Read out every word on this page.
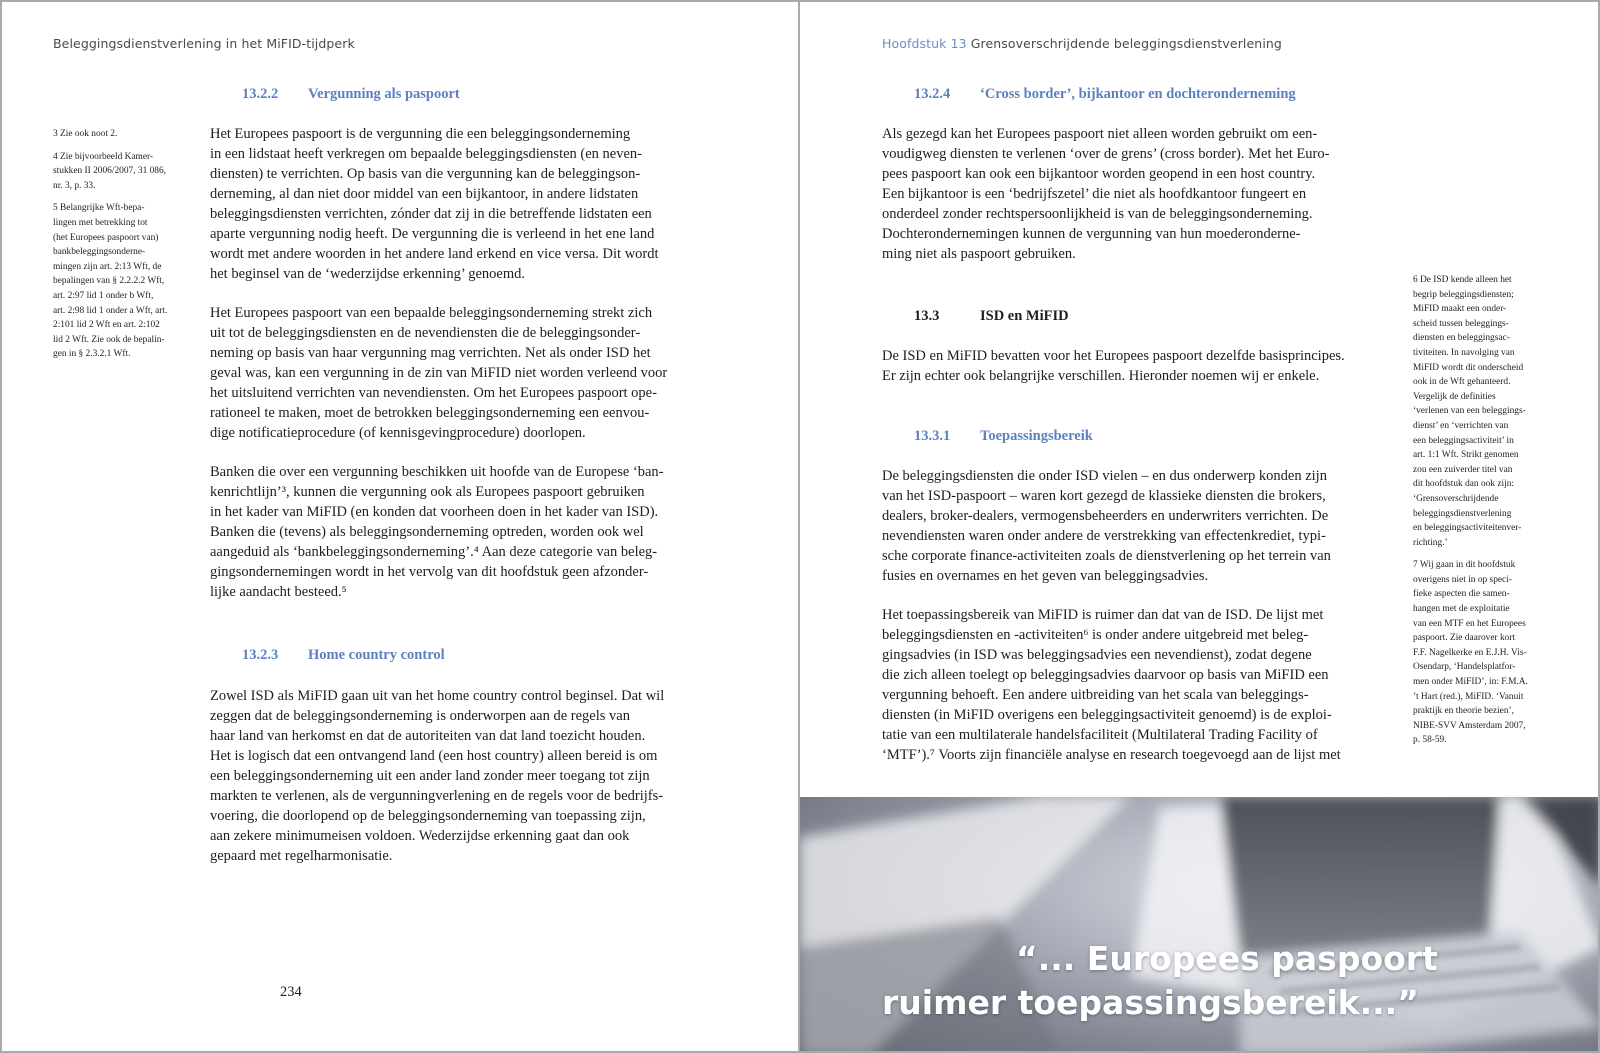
Beleggingsdienstverlening in het MiFID-tijdperk
3 Zie ook noot 2.
4 Zie bijvoorbeeld Kamer-
stukken II 2006/2007, 31 086,
nr. 3, p. 33.
5 Belangrijke Wft-bepa-
lingen met betrekking tot
(het Europees paspoort van)
bankbeleggingsonderne-
mingen zijn art. 2:13 Wft, de
bepalingen van § 2.2.2.2 Wft,
art. 2:97 lid 1 onder b Wft,
art. 2:98 lid 1 onder a Wft, art.
2:101 lid 2 Wft en art. 2:102
lid 2 Wft. Zie ook de bepalin-
gen in § 2.3.2.1 Wft.
13.2.2 Vergunning als paspoort
Het Europees paspoort is de vergunning die een beleggingsonderneming
in een lidstaat heeft verkregen om bepaalde beleggingsdiensten (en neven-
diensten) te verrichten. Op basis van die vergunning kan de beleggingson-
derneming, al dan niet door middel van een bijkantoor, in andere lidstaten
beleggingsdiensten verrichten, zónder dat zij in die betreffende lidstaten een
aparte vergunning nodig heeft. De vergunning die is verleend in het ene land
wordt met andere woorden in het andere land erkend en vice versa. Dit wordt
het beginsel van de ‘wederzijdse erkenning’ genoemd.
Het Europees paspoort van een bepaalde beleggingsonderneming strekt zich
uit tot de beleggingsdiensten en de nevendiensten die de beleggingsonder-
neming op basis van haar vergunning mag verrichten. Net als onder ISD het
geval was, kan een vergunning in de zin van MiFID niet worden verleend voor
het uitsluitend verrichten van nevendiensten. Om het Europees paspoort ope-
rationeel te maken, moet de betrokken beleggingsonderneming een eenvou-
dige notificatieprocedure (of kennisgevingprocedure) doorlopen.
Banken die over een vergunning beschikken uit hoofde van de Europese ‘ban-
kenrichtlijn’³, kunnen die vergunning ook als Europees paspoort gebruiken
in het kader van MiFID (en konden dat voorheen doen in het kader van ISD).
Banken die (tevens) als beleggingsonderneming optreden, worden ook wel
aangeduid als ‘bankbeleggingsonderneming’.⁴ Aan deze categorie van beleg-
gingsondernemingen wordt in het vervolg van dit hoofdstuk geen afzonder-
lijke aandacht besteed.⁵
13.2.3 Home country control
Zowel ISD als MiFID gaan uit van het home country control beginsel. Dat wil
zeggen dat de beleggingsonderneming is onderworpen aan de regels van
haar land van herkomst en dat de autoriteiten van dat land toezicht houden.
Het is logisch dat een ontvangend land (een host country) alleen bereid is om
een beleggingsonderneming uit een ander land zonder meer toegang tot zijn
markten te verlenen, als de vergunningverlening en de regels voor de bedrijfs-
voering, die doorlopend op de beleggingsonderneming van toepassing zijn,
aan zekere minimumeisen voldoen. Wederzijdse erkenning gaat dan ook
gepaard met regelharmonisatie.
234
Hoofdstuk 13 Grensoverschrijdende beleggingsdienstverlening
13.2.4 ‘Cross border’, bijkantoor en dochteronderneming
Als gezegd kan het Europees paspoort niet alleen worden gebruikt om een-
voudigweg diensten te verlenen ‘over de grens’ (cross border). Met het Euro-
pees paspoort kan ook een bijkantoor worden geopend in een host country.
Een bijkantoor is een ‘bedrijfszetel’ die niet als hoofdkantoor fungeert en
onderdeel zonder rechtspersoonlijkheid is van de beleggingsonderneming.
Dochterondernemingen kunnen de vergunning van hun moederonderne-
ming niet als paspoort gebruiken.
13.3	ISD en MiFID
De ISD en MiFID bevatten voor het Europees paspoort dezelfde basisprincipes.
Er zijn echter ook belangrijke verschillen. Hieronder noemen wij er enkele.
13.3.1 Toepassingsbereik
De beleggingsdiensten die onder ISD vielen – en dus onderwerp konden zijn
van het ISD-paspoort – waren kort gezegd de klassieke diensten die brokers,
dealers, broker-dealers, vermogensbeheerders en underwriters verrichten. De
nevendiensten waren onder andere de verstrekking van effectenkrediet, typi-
sche corporate finance-activiteiten zoals de dienstverlening op het terrein van
fusies en overnames en het geven van beleggingsadvies.
Het toepassingsbereik van MiFID is ruimer dan dat van de ISD. De lijst met
beleggingsdiensten en -activiteiten⁶ is onder andere uitgebreid met beleg-
gingsadvies (in ISD was beleggingsadvies een nevendienst), zodat degene
die zich alleen toelegt op beleggingsadvies daarvoor op basis van MiFID een
vergunning behoeft. Een andere uitbreiding van het scala van beleggings-
diensten (in MiFID overigens een beleggingsactiviteit genoemd) is de exploi-
tatie van een multilaterale handelsfaciliteit (Multilateral Trading Facility of
‘MTF’).⁷ Voorts zijn financiële analyse en research toegevoegd aan de lijst met
6 De ISD kende alleen het
begrip beleggingsdiensten;
MiFID maakt een onder-
scheid tussen beleggings-
diensten en beleggingsac-
tiviteiten. In navolging van
MiFID wordt dit onderscheid
ook in de Wft gehanteerd.
Vergelijk de definities
‘verlenen van een beleggings-
dienst’ en ‘verrichten van
een beleggingsactiviteit’ in
art. 1:1 Wft. Strikt genomen
zou een zuiverder titel van
dit hoofdstuk dan ook zijn:
‘Grensoverschrijdende
beleggingsdienstverlening
en beleggingsactiviteitenver-
richting.’
7 Wij gaan in dit hoofdstuk
overigens niet in op speci-
fieke aspecten die samen-
hangen met de exploitatie
van een MTF en het Europees
paspoort. Zie daarover kort
F.F. Nagelkerke en E.J.H. Vis-
Osendarp, ‘Handelsplatfor-
men onder MiFID’, in: F.M.A.
’t Hart (red.), MiFID. ‘Vanuit
praktijk en theorie bezien’,
NIBE-SVV Amsterdam 2007,
p. 58-59.
“... Europees paspoort
ruimer toepassingsbereik...”
